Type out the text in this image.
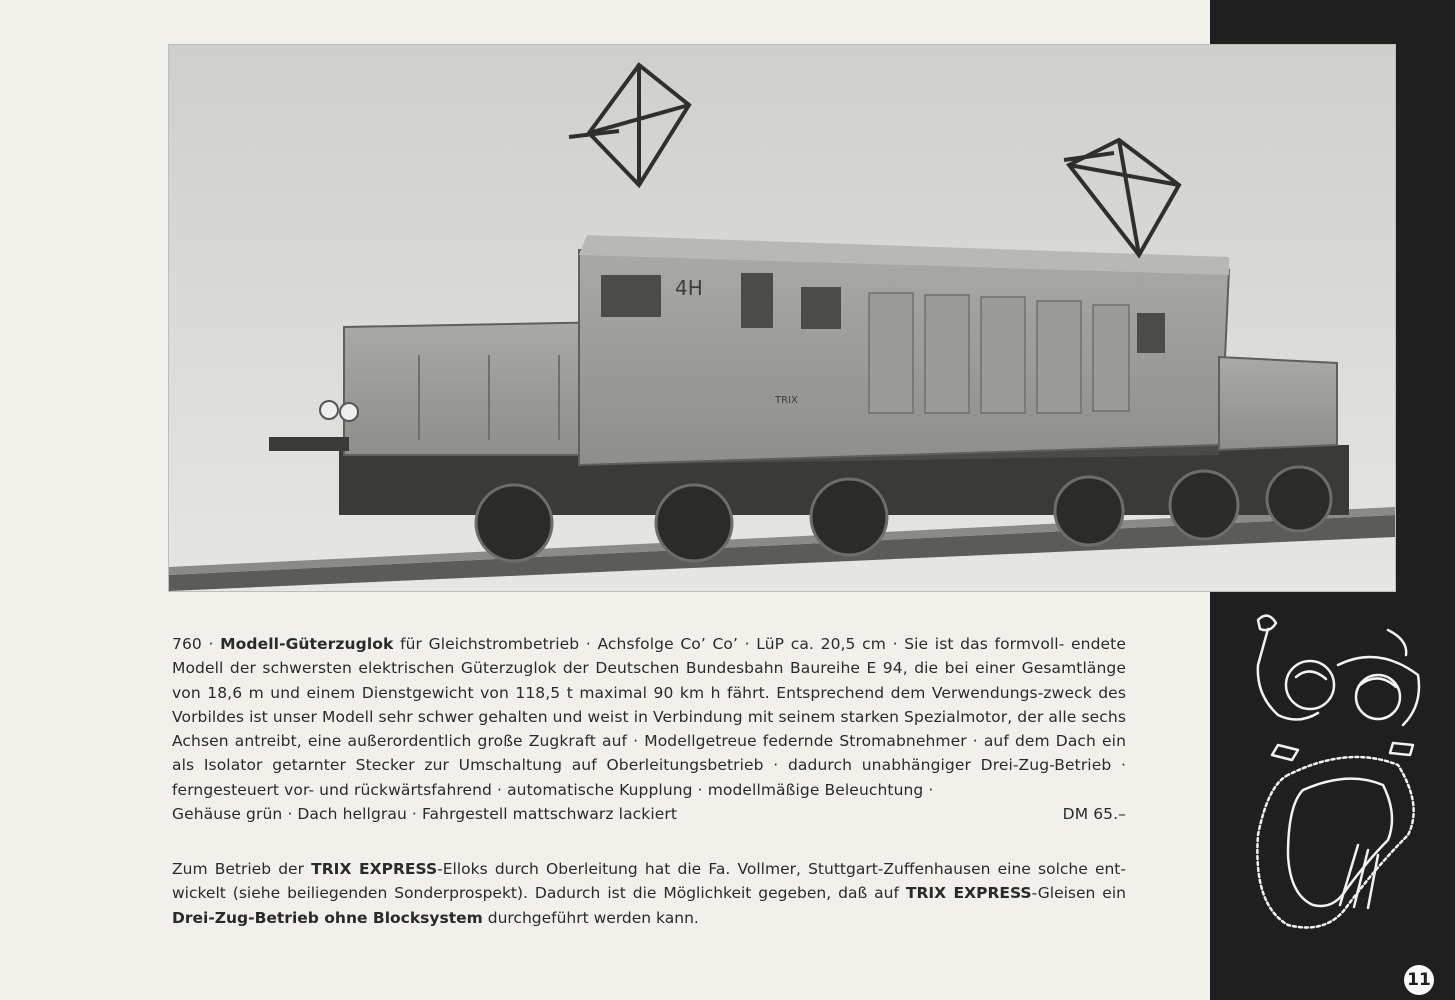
4H
TRIX
760 · Modell-Güterzuglok für Gleichstrombetrieb · Achsfolge Co’ Co’ · LüP ca. 20,5 cm · Sie ist das formvoll- endete Modell der schwersten elektrischen Güterzuglok der Deutschen Bundesbahn Baureihe E 94, die bei einer Gesamtlänge von 18,6 m und einem Dienstgewicht von 118,5 t maximal 90 km h fährt. Entsprechend dem Verwendungs-zweck des Vorbildes ist unser Modell sehr schwer gehalten und weist in Verbindung mit seinem starken Spezialmotor, der alle sechs Achsen antreibt, eine außerordentlich große Zugkraft auf · Modellgetreue federnde Stromabnehmer · auf dem Dach ein als Isolator getarnter Stecker zur Umschaltung auf Oberleitungsbetrieb · dadurch unabhängiger Drei-Zug-Betrieb · ferngesteuert vor- und rückwärtsfahrend · automatische Kupplung · modellmäßige Beleuchtung ·
Gehäuse grün · Dach hellgrau · Fahrgestell mattschwarz lackiert	DM 65.–

Zum Betrieb der TRIX EXPRESS-Elloks durch Oberleitung hat die Fa. Vollmer, Stuttgart-Zuffenhausen eine solche ent-wickelt (siehe beiliegenden Sonderprospekt). Dadurch ist die Möglichkeit gegeben, daß auf TRIX EXPRESS-Gleisen ein Drei-Zug-Betrieb ohne Blocksystem durchgeführt werden kann.

11
